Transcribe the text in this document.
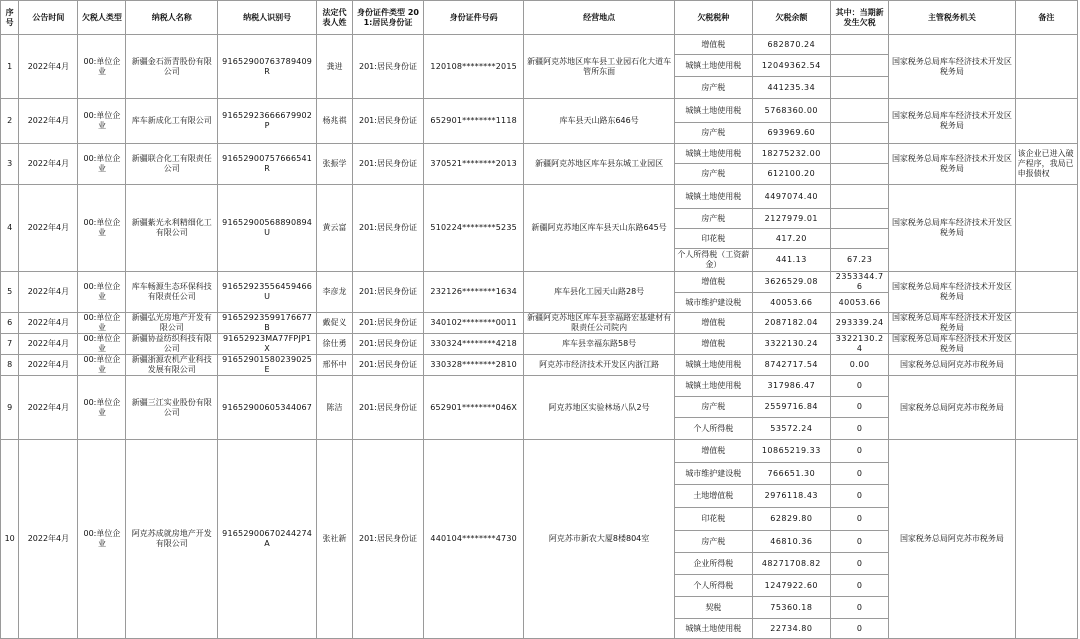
序号	公告时间	欠税人类型	纳税人名称	纳税人识别号	法定代表人姓	身份证件类型 201:居民身份证	身份证件号码	经营地点	欠税税种	欠税余额	其中：当期新发生欠税	主管税务机关	备注
1	2022年4月	00:单位企业	新疆金石沥青股份有限公司	91652900763789409R	龚进	201:居民身份证	120108********2015	新疆阿克苏地区库车县工业园石化大道车管所东面	增值税	682870.24		国家税务总局库车经济技术开发区税务局	
									城镇土地使用税	12049362.54			
									房产税	441235.34			
2	2022年4月	00:单位企业	库车新成化工有限公司	91652923666679902P	杨兆祺	201:居民身份证	652901********1118	库车县天山路东646号	城镇土地使用税	5768360.00		国家税务总局库车经济技术开发区税务局	
									房产税	693969.60			
3	2022年4月	00:单位企业	新疆联合化工有限责任公司	91652900757666541R	张振学	201:居民身份证	370521********2013	新疆阿克苏地区库车县东城工业园区	城镇土地使用税	18275232.00		国家税务总局库车经济技术开发区税务局	该企业已进入破产程序，我局已申报债权
									房产税	612100.20			
4	2022年4月	00:单位企业	新疆紫光永利精细化工有限公司	91652900568890894U	黄云富	201:居民身份证	510224********5235	新疆阿克苏地区库车县天山东路645号	城镇土地使用税	4497074.40		国家税务总局库车经济技术开发区税务局	
									房产税	2127979.01			
									印花税	417.20			
									个人所得税（工资薪金）	441.13	67.23		
5	2022年4月	00:单位企业	库车畅源生态环保科技有限责任公司	91652923556459466U	李彦龙	201:居民身份证	232126********1634	库车县化工园天山路28号	增值税	3626529.08	2353344.76	国家税务总局库车经济技术开发区税务局	
									城市维护建设税	40053.66	40053.66		
6	2022年4月	00:单位企业	新疆弘光房地产开发有限公司	91652923599176677B	戴促义	201:居民身份证	340102********0011	新疆阿克苏地区库车县幸福路宏基建材有限责任公司院内	增值税	2087182.04	293339.24	国家税务总局库车经济技术开发区税务局	
7	2022年4月	00:单位企业	新疆协益纺织科技有限公司	91652923MA77FPJP1X	徐仕勇	201:居民身份证	330324********4218	库车县幸福东路58号	增值税	3322130.24	3322130.24	国家税务总局库车经济技术开发区税务局	
8	2022年4月	00:单位企业	新疆浙源农机产业科技发展有限公司	91652901580239025E	邢怀中	201:居民身份证	330328********2810	阿克苏市经济技术开发区内浙江路	城镇土地使用税	8742717.54	0.00	国家税务总局阿克苏市税务局	
9	2022年4月	00:单位企业	新疆三江实业股份有限公司	91652900605344067	陈洁	201:居民身份证	652901********046X	阿克苏地区实验林场八队2号	城镇土地使用税	317986.47	0	国家税务总局阿克苏市税务局	
									房产税	2559716.84	0		
									个人所得税	53572.24	0		
10	2022年4月	00:单位企业	阿克苏成就房地产开发有限公司	91652900670244274A	张社新	201:居民身份证	440104********4730	阿克苏市新农大厦8楼804室	增值税	10865219.33	0	国家税务总局阿克苏市税务局	
									城市维护建设税	766651.30	0		
									土地增值税	2976118.43	0		
									印花税	62829.80	0		
									房产税	46810.36	0		
									企业所得税	48271708.82	0		
									个人所得税	1247922.60	0		
									契税	75360.18	0		
									城镇土地使用税	22734.80	0		
